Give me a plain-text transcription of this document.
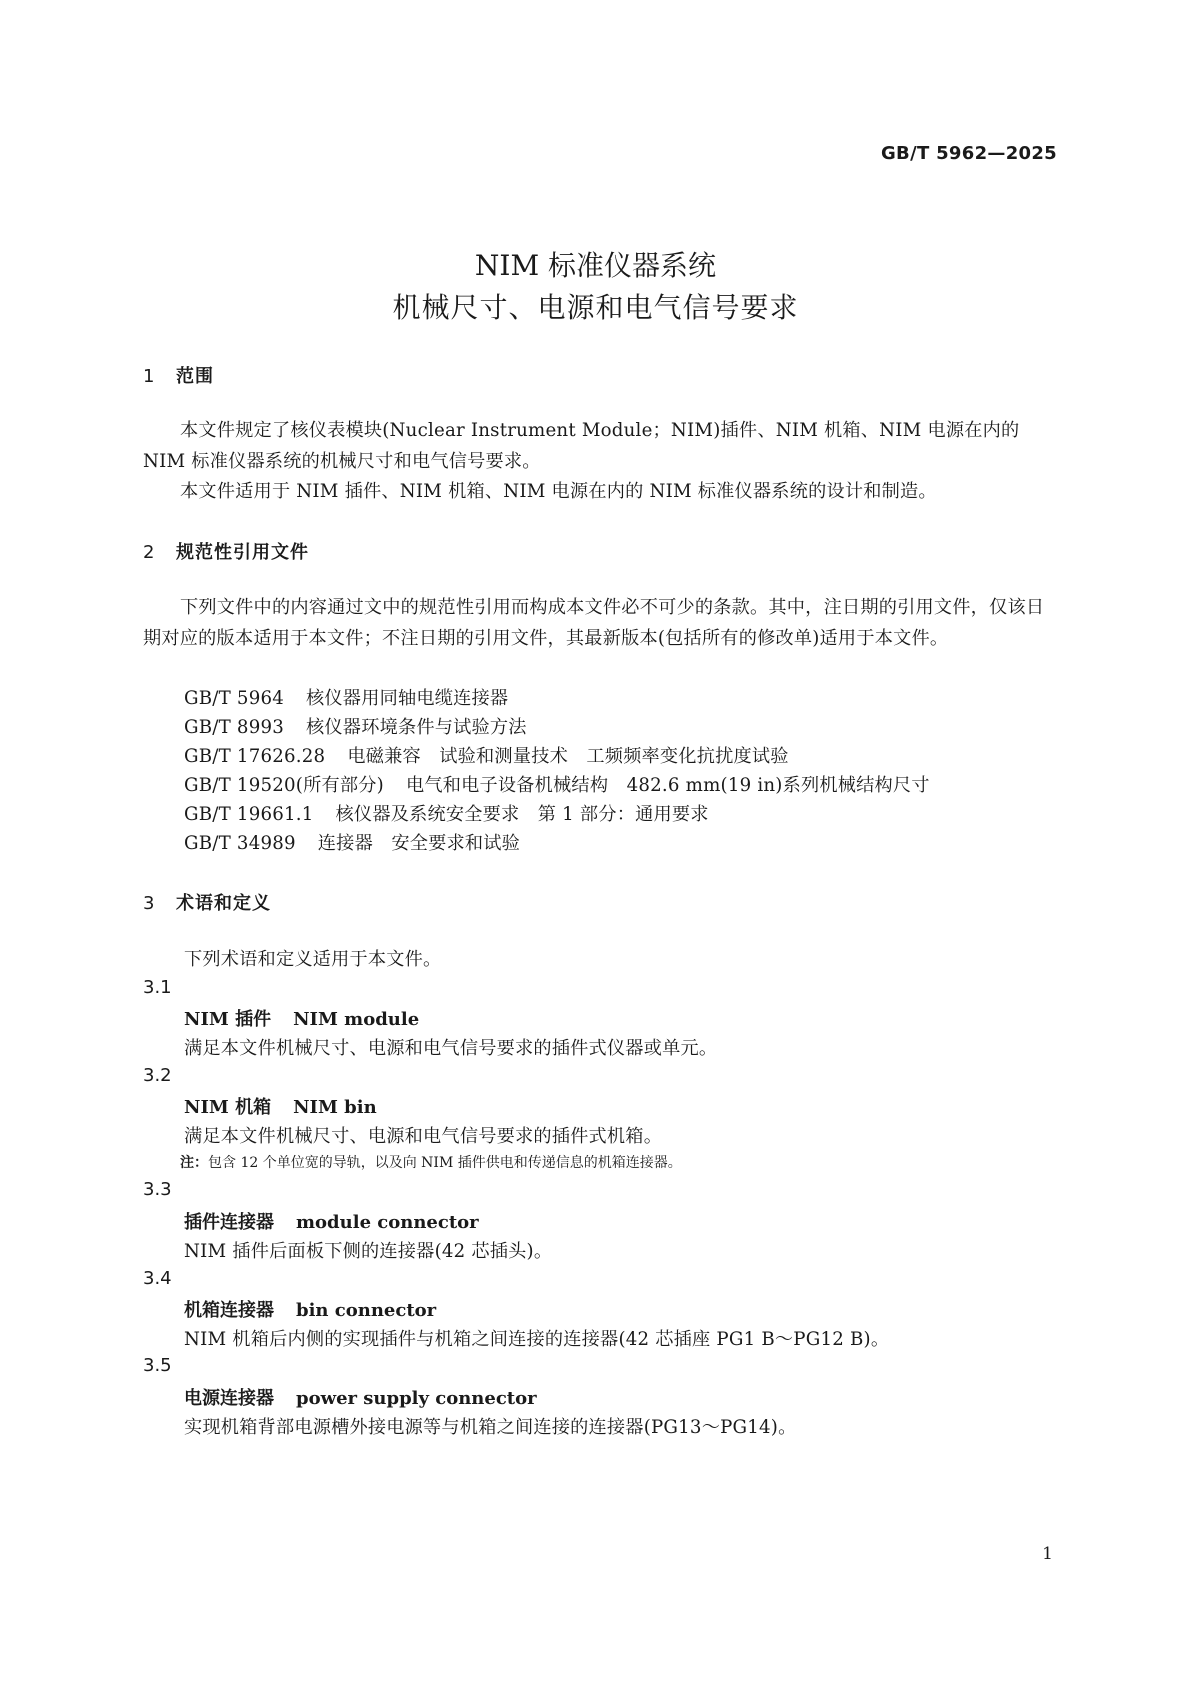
GB/T 5962—2025
NIM 标准仪器系统
机械尺寸、电源和电气信号要求
1 范围
本文件规定了核仪表模块(Nuclear Instrument Module；NIM)插件、NIM 机箱、NIM 电源在内的NIM 标准仪器系统的机械尺寸和电气信号要求。
本文件适用于 NIM 插件、NIM 机箱、NIM 电源在内的 NIM 标准仪器系统的设计和制造。
2 规范性引用文件
下列文件中的内容通过文中的规范性引用而构成本文件必不可少的条款。其中，注日期的引用文件，仅该日期对应的版本适用于本文件；不注日期的引用文件，其最新版本(包括所有的修改单)适用于本文件。
GB/T 5964 核仪器用同轴电缆连接器
GB/T 8993 核仪器环境条件与试验方法
GB/T 17626.28 电磁兼容　试验和测量技术　工频频率变化抗扰度试验
GB/T 19520(所有部分) 电气和电子设备机械结构　482.6 mm(19 in)系列机械结构尺寸
GB/T 19661.1 核仪器及系统安全要求　第 1 部分：通用要求
GB/T 34989 连接器　安全要求和试验
3 术语和定义
下列术语和定义适用于本文件。
3.1
NIM 插件 NIM module
满足本文件机械尺寸、电源和电气信号要求的插件式仪器或单元。
3.2
NIM 机箱 NIM bin
满足本文件机械尺寸、电源和电气信号要求的插件式机箱。
注：包含 12 个单位宽的导轨，以及向 NIM 插件供电和传递信息的机箱连接器。
3.3
插件连接器 module connector
NIM 插件后面板下侧的连接器(42 芯插头)。
3.4
机箱连接器 bin connector
NIM 机箱后内侧的实现插件与机箱之间连接的连接器(42 芯插座 PG1 B～PG12 B)。
3.5
电源连接器 power supply connector
实现机箱背部电源槽外接电源等与机箱之间连接的连接器(PG13～PG14)。
1
